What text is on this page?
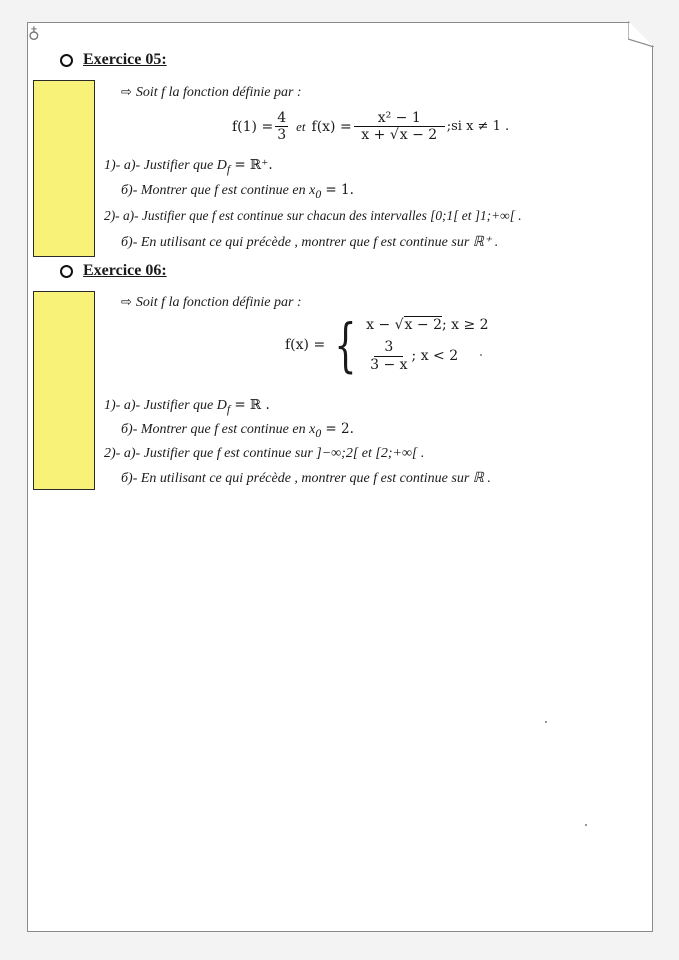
♁
Exercice 05:
⇨ Soit f la fonction définie par :
$f(1) = \frac{4}{3}$ et $f(x) = \frac{\text{x² − 1}}{x + √x - 2}$ ;si x ≠ 1 .
1)- a)- Justifier que $D_f$ = ℝ⁺.
б)- Montrer que f est continue en $x_0 = 1$.
2)- a)- Justifier que f est continue sur chacun des intervalles [0;1[ et ]1;+∞[ .
б)- En utilisant ce qui précède , montrer que f est continue sur ℝ⁺ .
Exercice 06:
⇨ Soit f la fonction définie par :
f(x) = { x − √x − 2; x ≥ 2
$\frac{3}{3 - x}$ ; x < 2
1)- a)- Justifier que $D_f$ = ℝ .
б)- Montrer que f est continue en $x_0 = 2$.
2)- a)- Justifier que f est continue sur ]−∞;2[ et [2;+∞[ .
б)- En utilisant ce qui précède , montrer que f est continue sur ℝ .
